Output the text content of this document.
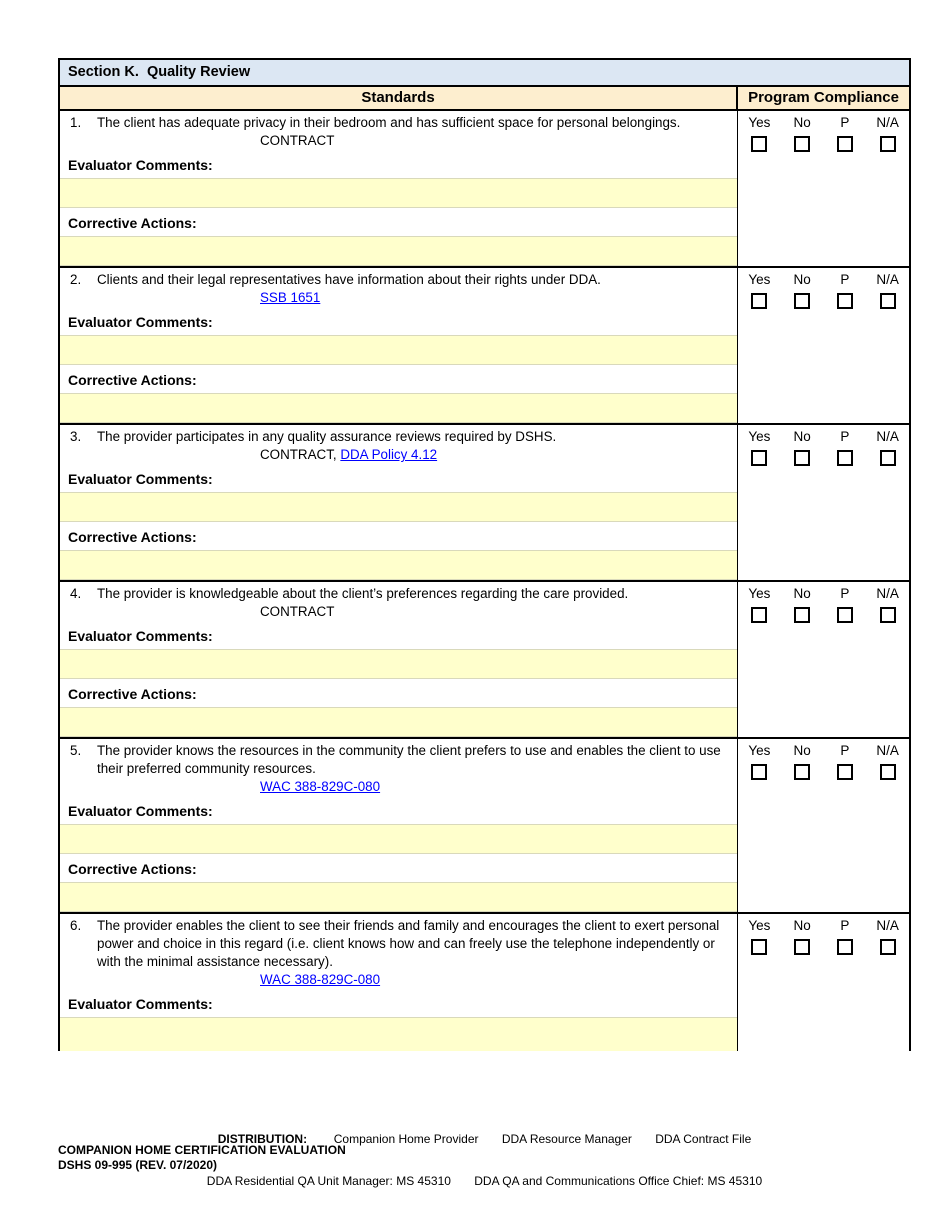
Section K.  Quality Review
Standards	Program Compliance
1.	The client has adequate privacy in their bedroom and has sufficient space for personal belongings.
CONTRACT
Evaluator Comments:
Corrective Actions:
Yes	No	P	N/A
2.	Clients and their legal representatives have information about their rights under DDA.
SSB 1651
Evaluator Comments:
Corrective Actions:
Yes	No	P	N/A
3.	The provider participates in any quality assurance reviews required by DSHS.
CONTRACT, DDA Policy 4.12
Evaluator Comments:
Corrective Actions:
Yes	No	P	N/A
4.	The provider is knowledgeable about the client’s preferences regarding the care provided.
CONTRACT
Evaluator Comments:
Corrective Actions:
Yes	No	P	N/A
5.	The provider knows the resources in the community the client prefers to use and enables the client to use their preferred community resources.
WAC 388-829C-080
Evaluator Comments:
Corrective Actions:
Yes	No	P	N/A
6.	The provider enables the client to see their friends and family and encourages the client to exert personal power and choice in this regard (i.e. client knows how and can freely use the telephone independently or with the minimal assistance necessary).
WAC 388-829C-080
Evaluator Comments:
Yes	No	P	N/A

DISTRIBUTION:        Companion Home Provider       DDA Resource Manager       DDA Contract File

DDA Residential QA Unit Manager: MS 45310       DDA QA and Communications Office Chief: MS 45310

COMPANION HOME CERTIFICATION EVALUATION
DSHS 09-995 (REV. 07/2020)
